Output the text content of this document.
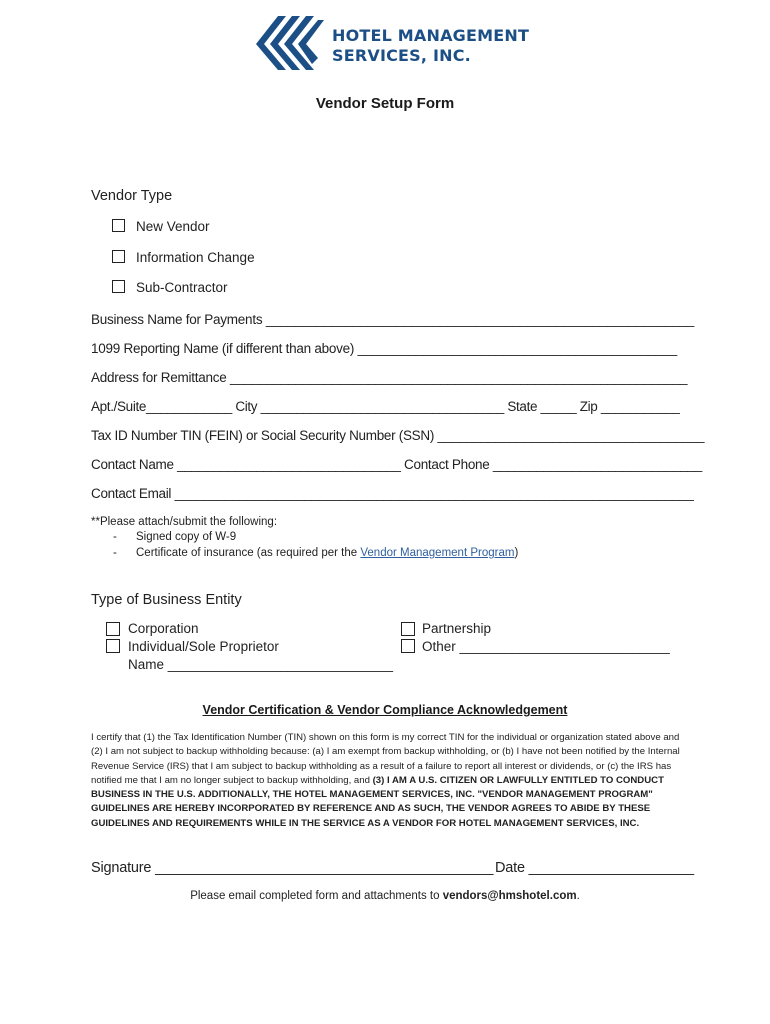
HOTEL MANAGEMENT
SERVICES, INC.
Vendor Setup Form
Vendor Type
New Vendor
Information Change
Sub-Contractor
Business Name for Payments ___________________________________________________________
1099 Reporting Name (if different than above) ____________________________________________
Address for Remittance _______________________________________________________________
Apt./Suite____________ City __________________________________ State _____ Zip ___________
Tax ID Number TIN (FEIN) or Social Security Number (SSN) _____________________________________
Contact Name _______________________________ Contact Phone _____________________________
Contact Email ________________________________________________________________________
**Please attach/submit the following:
- Signed copy of W-9
- Certificate of insurance (as required per the Vendor Management Program)
Type of Business Entity
Corporation
Individual/Sole Proprietor
Name ______________________________
Partnership
Other ____________________________
Vendor Certification & Vendor Compliance Acknowledgement
I certify that (1) the Tax Identification Number (TIN) shown on this form is my correct TIN for the individual or organization stated above and (2) I am not subject to backup withholding because: (a) I am exempt from backup withholding, or (b) I have not been notified by the Internal Revenue Service (IRS) that I am subject to backup withholding as a result of a failure to report all interest or dividends, or (c) the IRS has notified me that I am no longer subject to backup withholding, and (3) I AM A U.S. CITIZEN OR LAWFULLY ENTITLED TO CONDUCT BUSINESS IN THE U.S. ADDITIONALLY, THE HOTEL MANAGEMENT SERVICES, INC. "VENDOR MANAGEMENT PROGRAM" GUIDELINES ARE HEREBY INCORPORATED BY REFERENCE AND AS SUCH, THE VENDOR AGREES TO ABIDE BY THESE GUIDELINES AND REQUIREMENTS WHILE IN THE SERVICE AS A VENDOR FOR HOTEL MANAGEMENT SERVICES, INC.
Signature ___________________________________________ Date _____________________
Please email completed form and attachments to vendors@hmshotel.com.
